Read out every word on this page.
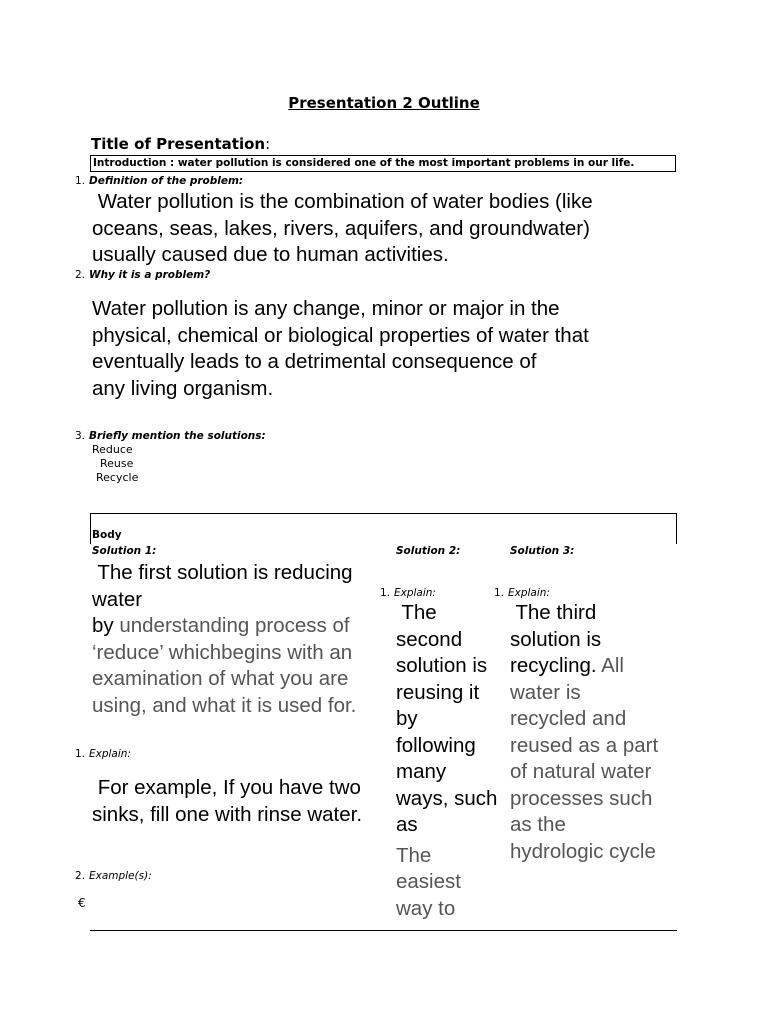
Presentation 2 Outline
Title of Presentation:
Introduction : water pollution is considered one of the most important problems in our life.
1. Definition of the problem:
Water pollution is the combination of water bodies (like
oceans, seas, lakes, rivers, aquifers, and groundwater)
usually caused due to human activities.
2. Why it is a problem?
Water pollution is any change, minor or major in the
physical, chemical or biological properties of water that
eventually leads to a detrimental consequence of
any living organism.
3. Briefly mention the solutions:
Reduce
Reuse
Recycle
Body
Solution 1:	Solution 2:	Solution 3:
The first solution is reducing
water
by understanding process of
‘reduce’ whichbegins with an
examination of what you are
using, and what it is used for.
1. Explain:
For example, If you have two
sinks, fill one with rinse water.
2. Example(s):
€
1. Explain:
The
second
solution is
reusing it
by
following
many
ways, such
as
The
easiest
way to
1. Explain:
The third
solution is
recycling. All
water is
recycled and
reused as a part
of natural water
processes such
as the
hydrologic cycle
